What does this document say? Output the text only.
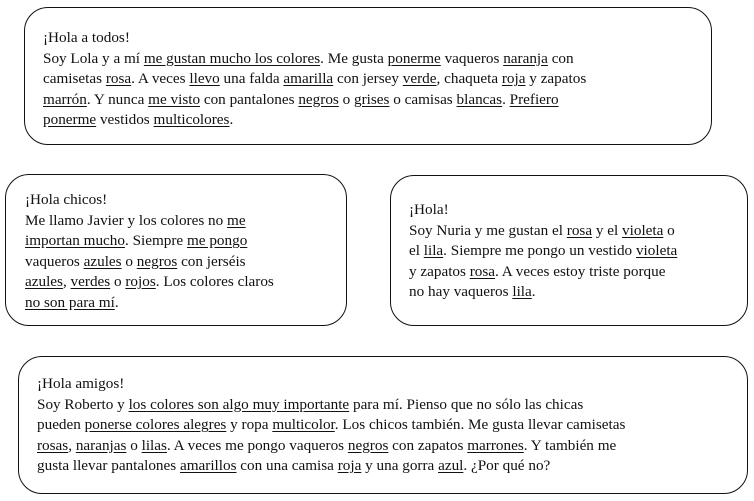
¡Hola a todos!
Soy Lola y a mí me gustan mucho los colores. Me gusta ponerme vaqueros naranja con
camisetas rosa. A veces llevo una falda amarilla con jersey verde, chaqueta roja y zapatos
marrón. Y nunca me visto con pantalones negros o grises o camisas blancas. Prefiero
ponerme vestidos multicolores.
¡Hola chicos!
Me llamo Javier y los colores no me
importan mucho. Siempre me pongo
vaqueros azules o negros con jerséis
azules, verdes o rojos. Los colores claros
no son para mí.
¡Hola!
Soy Nuria y me gustan el rosa y el violeta o
el lila. Siempre me pongo un vestido violeta
y zapatos rosa. A veces estoy triste porque
no hay vaqueros lila.
¡Hola amigos!
Soy Roberto y los colores son algo muy importante para mí. Pienso que no sólo las chicas
pueden ponerse colores alegres y ropa multicolor. Los chicos también. Me gusta llevar camisetas
rosas, naranjas o lilas. A veces me pongo vaqueros negros con zapatos marrones. Y también me
gusta llevar pantalones amarillos con una camisa roja y una gorra azul. ¿Por qué no?
